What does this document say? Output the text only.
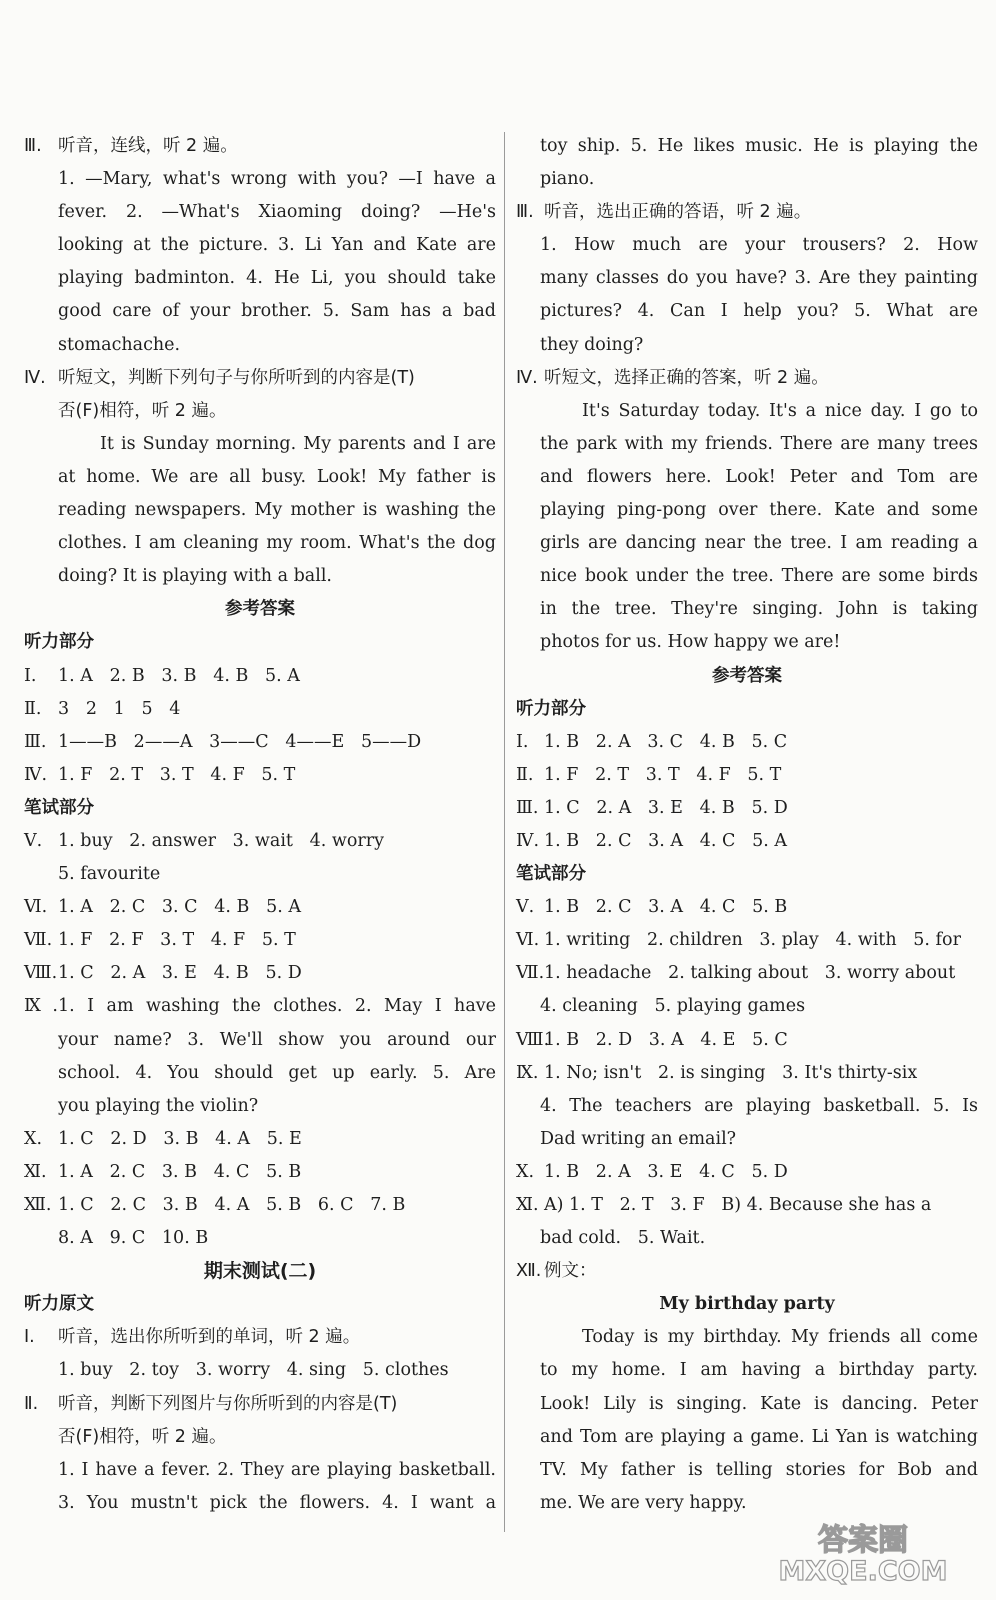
Ⅲ. 听音，连线，听 2 遍。

1. —Mary, what's wrong with you? —I have a

fever. 2. —What's Xiaoming doing? —He's

looking at the picture. 3. Li Yan and Kate are

playing badminton. 4. He Li, you should take

good care of your brother. 5. Sam has a bad

stomachache.

Ⅳ. 听短文，判断下列句子与你所听到的内容是(T)

否(F)相符，听 2 遍。

It is Sunday morning. My parents and I are

at home. We are all busy. Look! My father is

reading newspapers. My mother is washing the

clothes. I am cleaning my room. What's the dog

doing? It is playing with a ball.

参考答案

听力部分

Ⅰ. 1. A   2. B   3. B   4. B   5. A

Ⅱ. 3   2   1   5   4

Ⅲ. 1——B   2——A   3——C   4——E   5——D

Ⅳ. 1. F   2. T   3. T   4. F   5. T

笔试部分

Ⅴ. 1. buy   2. answer   3. wait   4. worry

5. favourite

Ⅵ. 1. A   2. C   3. C   4. B   5. A

Ⅶ. 1. F   2. F   3. T   4. F   5. T

Ⅷ.1. C   2. A   3. E   4. B   5. D

Ⅸ.1. I am washing the clothes. 2. May I have

your name? 3. We'll show you around our

school. 4. You should get up early. 5. Are

you playing the violin?

Ⅹ. 1. C   2. D   3. B   4. A   5. E

Ⅺ. 1. A   2. C   3. B   4. C   5. B

Ⅻ. 1. C   2. C   3. B   4. A   5. B   6. C   7. B

8. A   9. C   10. B

期末测试(二)

听力原文

Ⅰ. 听音，选出你所听到的单词，听 2 遍。

1. buy   2. toy   3. worry   4. sing   5. clothes

Ⅱ. 听音，判断下列图片与你所听到的内容是(T)

否(F)相符，听 2 遍。

1. I have a fever. 2. They are playing basketball.

3. You mustn't pick the flowers. 4. I want a

toy ship. 5. He likes music. He is playing the

piano.

Ⅲ. 听音，选出正确的答语，听 2 遍。

1. How much are your trousers? 2. How

many classes do you have? 3. Are they painting

pictures? 4. Can I help you? 5. What are

they doing?

Ⅳ. 听短文，选择正确的答案，听 2 遍。

It's Saturday today. It's a nice day. I go to

the park with my friends. There are many trees

and flowers here. Look! Peter and Tom are

playing ping-pong over there. Kate and some

girls are dancing near the tree. I am reading a

nice book under the tree. There are some birds

in the tree. They're singing. John is taking

photos for us. How happy we are!

参考答案

听力部分

Ⅰ. 1. B   2. A   3. C   4. B   5. C

Ⅱ. 1. F   2. T   3. T   4. F   5. T

Ⅲ. 1. C   2. A   3. E   4. B   5. D

Ⅳ. 1. B   2. C   3. A   4. C   5. A

笔试部分

Ⅴ. 1. B   2. C   3. A   4. C   5. B

Ⅵ. 1. writing   2. children   3. play   4. with   5. for

Ⅶ.1. headache   2. talking about   3. worry about

4. cleaning   5. playing games

Ⅷ.1. B   2. D   3. A   4. E   5. C

Ⅸ. 1. No; isn't   2. is singing   3. It's thirty-six

4. The teachers are playing basketball. 5. Is

Dad writing an email?

Ⅹ. 1. B   2. A   3. E   4. C   5. D

Ⅺ. A) 1. T   2. T   3. F   B) 4. Because she has a

bad cold.   5. Wait.

Ⅻ. 例文：

My birthday party

Today is my birthday. My friends all come

to my home. I am having a birthday party.

Look! Lily is singing. Kate is dancing. Peter

and Tom are playing a game. Li Yan is watching

TV. My father is telling stories for Bob and

me. We are very happy.

答案圈
MXQE.COM
